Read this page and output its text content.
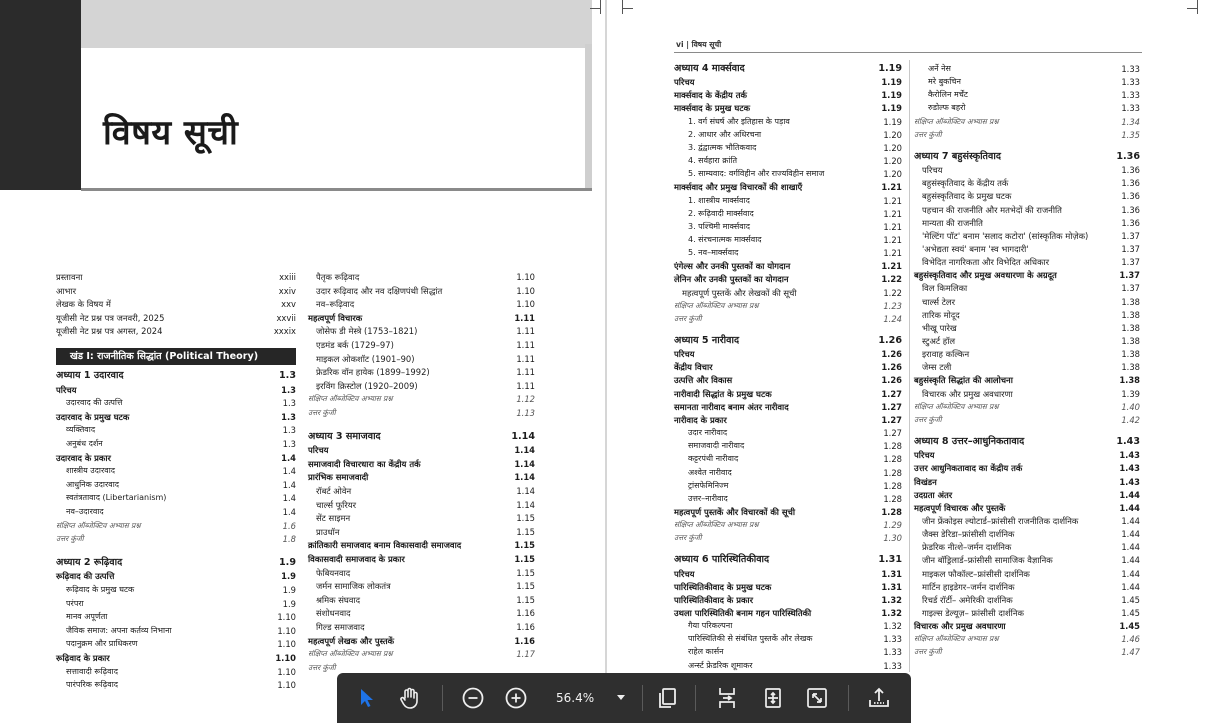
विषय सूची
प्रस्तावना	xxiii
आभार	xxiv
लेखक के विषय में	xxv
यूजीसी नेट प्रश्न पत्र जनवरी, 2025	xxvii
यूजीसी नेट प्रश्न पत्र अगस्त, 2024	xxxix
खंड I: राजनीतिक सिद्धांत (Political Theory)
अध्याय 1 उदारवाद	1.3
परिचय	1.3
उदारवाद की उत्पत्ति	1.3
उदारवाद के प्रमुख घटक	1.3
व्यक्तिवाद	1.3
अनुबंध दर्शन	1.3
उदारवाद के प्रकार	1.4
शास्त्रीय उदारवाद	1.4
आधुनिक उदारवाद	1.4
स्वतंत्रतावाद (Libertarianism)	1.4
नव–उदारवाद	1.4
संक्षिप्त ऑब्जेक्टिव अभ्यास प्रश्न	1.6
उत्तर कुंजी	1.8
अध्याय 2 रूढ़िवाद	1.9
रूढ़िवाद की उत्पत्ति	1.9
रूढ़िवाद के प्रमुख घटक	1.9
परंपरा	1.9
मानव अपूर्णता	1.10
जैविक समाज: अपना कर्तव्य निभाना	1.10
पदानुक्रम और प्राधिकरण	1.10
रूढ़िवाद के प्रकार	1.10
सत्तावादी रूढ़िवाद	1.10
पारंपरिक रूढ़िवाद	1.10
पैतृक रूढ़िवाद	1.10
उदार रूढ़िवाद और नव दक्षिणपंथी सिद्धांत	1.10
नव–रूढ़िवाद	1.10
महत्वपूर्ण विचारक	1.11
जोसेफ डी मेस्त्रे (1753–1821)	1.11
एडमंड बर्क (1729–97)	1.11
माइकल ओकशॉट (1901–90)	1.11
फ्रेडरिक वॉन हायेक (1899–1992)	1.11
इरविंग क्रिस्टोल (1920–2009)	1.11
संक्षिप्त ऑब्जेक्टिव अभ्यास प्रश्न	1.12
उत्तर कुंजी	1.13
अध्याय 3 समाजवाद	1.14
परिचय	1.14
समाजवादी विचारधारा का केंद्रीय तर्क	1.14
प्रारंभिक समाजवादी	1.14
रॉबर्ट ओवेन	1.14
चार्ल्स फूरियर	1.14
सेंट साइमन	1.15
प्राउधॉन	1.15
क्रांतिकारी समाजवाद बनाम विकासवादी समाजवाद	1.15
विकासवादी समाजवाद के प्रकार	1.15
फेबियनवाद	1.15
जर्मन सामाजिक लोकतंत्र	1.15
श्रमिक संघवाद	1.15
संशोधनवाद	1.16
गिल्ड समाजवाद	1.16
महत्वपूर्ण लेखक और पुस्तकें	1.16
संक्षिप्त ऑब्जेक्टिव अभ्यास प्रश्न	1.17
उत्तर कुंजी
vi | विषय सूची
अध्याय 4 मार्क्सवाद	1.19
परिचय	1.19
मार्क्सवाद के केंद्रीय तर्क	1.19
मार्क्सवाद के प्रमुख घटक	1.19
1. वर्ग संघर्ष और इतिहास के पड़ाव	1.19
2. आधार और अधिरचना	1.20
3. द्वंद्वात्मक भौतिकवाद	1.20
4. सर्वहारा क्रांति	1.20
5. साम्यवाद: वर्गविहीन और राज्यविहीन समाज	1.20
मार्क्सवाद और प्रमुख विचारकों की शाखाएँ	1.21
1. शास्त्रीय मार्क्सवाद	1.21
2. रूढ़िवादी मार्क्सवाद	1.21
3. पश्चिमी मार्क्सवाद	1.21
4. संरचनात्मक मार्क्सवाद	1.21
5. नव–मार्क्सवाद	1.21
एंगेल्स और उनकी पुस्तकों का योगदान	1.21
लेनिन और उनकी पुस्तकों का योगदान	1.22
महत्वपूर्ण पुस्तकें और लेखकों की सूची	1.22
संक्षिप्त ऑब्जेक्टिव अभ्यास प्रश्न	1.23
उत्तर कुंजी	1.24
अध्याय 5 नारीवाद	1.26
परिचय	1.26
केंद्रीय विचार	1.26
उत्पत्ति और विकास	1.26
नारीवादी सिद्धांत के प्रमुख घटक	1.27
समानता नारीवाद बनाम अंतर नारीवाद	1.27
नारीवाद के प्रकार	1.27
उदार नारीवाद	1.27
समाजवादी नारीवाद	1.28
कट्टरपंथी नारीवाद	1.28
अश्वेत नारीवाद	1.28
ट्रांसफेमिनिज्म	1.28
उत्तर–नारीवाद	1.28
महत्वपूर्ण पुस्तकें और विचारकों की सूची	1.28
संक्षिप्त ऑब्जेक्टिव अभ्यास प्रश्न	1.29
उत्तर कुंजी	1.30
अध्याय 6 पारिस्थितिकीवाद	1.31
परिचय	1.31
पारिस्थितिकीवाद के प्रमुख घटक	1.31
पारिस्थितिकीवाद के प्रकार	1.32
उथला पारिस्थितिकी बनाम गहन पारिस्थितिकी	1.32
गैया परिकल्पना	1.32
पारिस्थितिकी से संबंधित पुस्तकें और लेखक	1.33
राहेल कार्सन	1.33
अर्न्स्ट फ्रेडरिक शूमाकर	1.33
अर्ने नेस	1.33
मरे बुकचिन	1.33
कैरोलिन मर्चेंट	1.33
रुडोल्फ बहरो	1.33
संक्षिप्त ऑब्जेक्टिव अभ्यास प्रश्न	1.34
उत्तर कुंजी	1.35
अध्याय 7 बहुसंस्कृतिवाद	1.36
परिचय	1.36
बहुसंस्कृतिवाद के केंद्रीय तर्क	1.36
बहुसंस्कृतिवाद के प्रमुख घटक	1.36
पहचान की राजनीति और मतभेदों की राजनीति	1.36
मान्यता की राजनीति	1.36
'मेल्टिंग पॉट' बनाम 'सलाद कटोरा' (सांस्कृतिक मोज़ेक)	1.37
'अभेद्यता स्वयं' बनाम 'स्व भागदारी'	1.37
विभेदित नागरिकता और विभेदित अधिकार	1.37
बहुसंस्कृतिवाद और प्रमुख अवधारणा के अग्रदूत	1.37
विल किमलिका	1.37
चार्ल्स टेलर	1.38
तारिक मोदूद	1.38
भीखू पारेख	1.38
स्टुअर्ट हॉल	1.38
इरावाह कल्किन	1.38
जेम्स टली	1.38
बहुसंस्कृति सिद्धांत की आलोचना	1.38
विचारक और प्रमुख अवधारणा	1.39
संक्षिप्त ऑब्जेक्टिव अभ्यास प्रश्न	1.40
उत्तर कुंजी	1.42
अध्याय 8 उत्तर–आधुनिकतावाद	1.43
परिचय	1.43
उत्तर आधुनिकतावाद का केंद्रीय तर्क	1.43
विखंडन	1.43
उदग्रता अंतर	1.44
महत्वपूर्ण विचारक और पुस्तकें	1.44
जीन फ्रेंकोइस ल्योटार्ड–फ्रांसीसी राजनीतिक दार्शनिक	1.44
जैक्स डेरिडा–फ्रांसीसी दार्शनिक	1.44
फ्रेडरिक नीत्शे–जर्मन दार्शनिक	1.44
जीन बॉड्रिलार्ड–फ्रांसीसी सामाजिक वैज्ञानिक	1.44
माइकल फौकॉल्ट–फ्रांसीसी दार्शनिक	1.44
मार्टिन हाइडेगर–जर्मन दार्शनिक	1.44
रिचर्ड रॉर्टी– अमेरिकी दार्शनिक	1.45
गाइल्स डेल्यूज़– फ्रांसीसी दार्शनिक	1.45
विचारक और प्रमुख अवधारणा	1.45
संक्षिप्त ऑब्जेक्टिव अभ्यास प्रश्न	1.46
उत्तर कुंजी	1.47
56.4%
